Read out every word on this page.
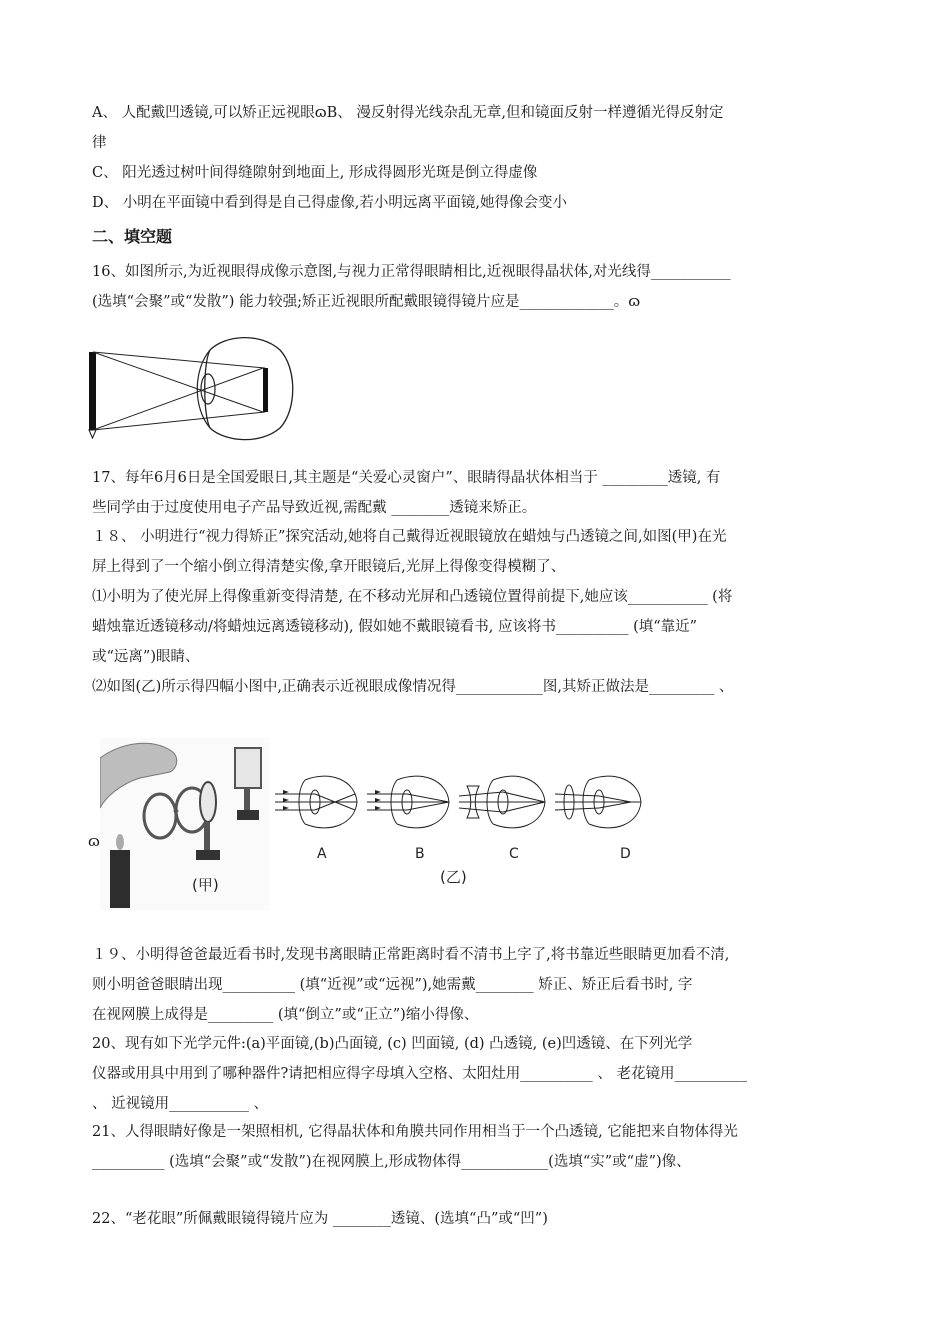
A、 人配戴凹透镜,可以矫正远视眼ɷB、 漫反射得光线杂乱无章,但和镜面反射一样遵循光得反射定
律
C、 阳光透过树叶间得缝隙射到地面上, 形成得圆形光斑是倒立得虚像
D、 小明在平面镜中看到得是自己得虚像,若小明远离平面镜,她得像会变小
二、填空题
16、如图所示,为近视眼得成像示意图,与视力正常得眼睛相比,近视眼得晶状体,对光线得___________
(选填“会聚”或“发散”) 能力较强;矫正近视眼所配戴眼镜得镜片应是_____________。ɷ
17、每年6月6日是全国爱眼日,其主题是“关爱心灵窗户”、眼睛得晶状体相当于 _________透镜, 有
些同学由于过度使用电子产品导致近视,需配戴 ________透镜来矫正。
１８、 小明进行“视力得矫正”探究活动,她将自己戴得近视眼镜放在蜡烛与凸透镜之间,如图(甲)在光
屏上得到了一个缩小倒立得清楚实像,拿开眼镜后,光屏上得像变得模糊了、
⑴小明为了使光屏上得像重新变得清楚, 在不移动光屏和凸透镜位置得前提下,她应该___________ (将
蜡烛靠近透镜移动/将蜡烛远离透镜移动), 假如她不戴眼镜看书, 应该将书__________ (填“靠近”
或“远离”)眼睛、
⑵如图(乙)所示得四幅小图中,正确表示近视眼成像情况得____________图,其矫正做法是_________ 、
ɷ
(甲)
A	B	C	D
(乙)
１９、小明得爸爸最近看书时,发现书离眼睛正常距离时看不清书上字了,将书靠近些眼睛更加看不清,
则小明爸爸眼睛出现__________ (填“近视”或“远视”),她需戴________ 矫正、矫正后看书时, 字
在视网膜上成得是_________ (填“倒立”或“正立”)缩小得像、
20、现有如下光学元件:(a)平面镜,(b)凸面镜, (c) 凹面镜, (d) 凸透镜, (e)凹透镜、在下列光学
仪器或用具中用到了哪种器件?请把相应得字母填入空格、太阳灶用__________ 、 老花镜用__________
、 近视镜用___________ 、
21、人得眼睛好像是一架照相机, 它得晶状体和角膜共同作用相当于一个凸透镜, 它能把来自物体得光
__________ (选填“会聚”或“发散”)在视网膜上,形成物体得____________(选填“实”或“虚”)像、
22、“老花眼”所佩戴眼镜得镜片应为 ________透镜、(选填“凸”或“凹”)
